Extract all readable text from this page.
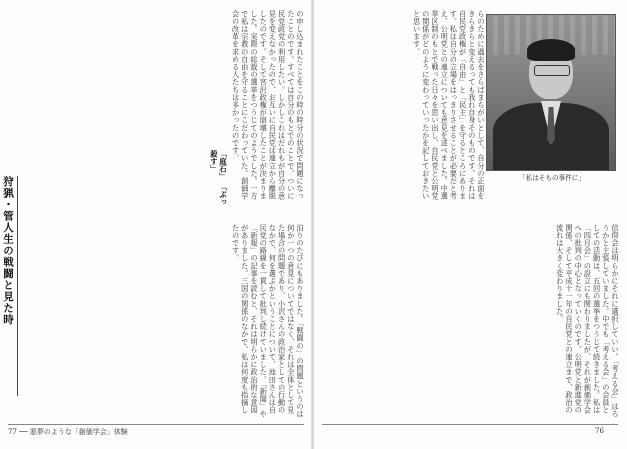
狩猟・管人生の戦闘と見た時
の申し込まれたことをこの時の時分の状況で問題になったことのです。すべては自分のもとでのことで、ついに民党政党の利用したい。しかしこれはだれもが自分の意見を変えなかったので、お互いに自民党は連立から離脱したのです。そして宮沢政権が崩壊したことが決まりました。実際の総裁の選挙をつうじてのようでした。一方で私は宗教の自由を守ることにこだわっていた。創価学会の改革を求める人たちは多かったのです。
「庭石」 「ぶっ殺す」
泊りのたびにもありました。「戦闘の」の問題というのは何か一つの意見についてではなく、それは全体として見た場合の問題であり、小沢さんの政治家としての行動のなかで、何を選ぶかということについて、池田さんは自民党の路線を一貫して批判し続けていました。「新聞」や「新報」の記事を読むと、それは明らかに政治的な意図がありました。三国の関係のなかで、私は何度も指摘したのです。
77 ── 悪夢のような「創価学会」体験
らのために過去をさらばまちがいとして、自分の正面をきらきらと変えるっても我れ自身そのものです。それは自民党政権が「自由」と「民主」を守るところにあります。私は自分の立場をはっきりさせることが必要だと考え、公明党との連立についても意見を述べました。中選挙区制のもとで戦った日々を思い出し、自民党と公明党の関係がどのように変わっていったかを記しておきたいと思います。
信仰会は明らかにそれに選択していい。「考える会」はろうかと主張していました。中でも「考える会」の会員としての活動は、五回の選挙をつうじて続きました。私は「四月会」の設立にも関わりましたが、それが創価学会への批判の中心となっていくのです。公明党と新進党の関係、そして平成十一年の自民党との連立まで、政治の流れは大きく変わりました。
「私はそもの事件に」
76
